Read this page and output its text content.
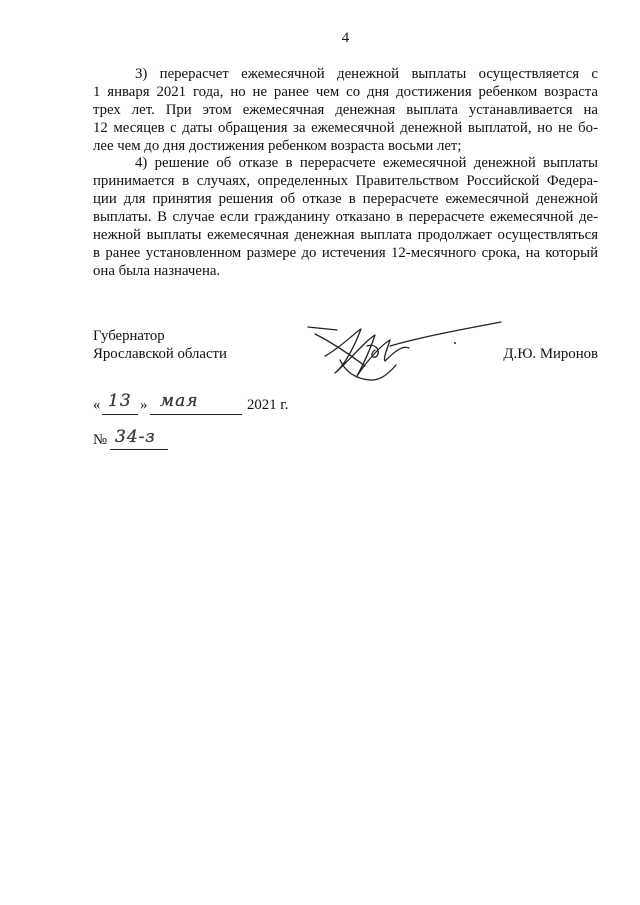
4
3) перерасчет ежемесячной денежной выплаты осуществляется с
1 января 2021 года, но не ранее чем со дня достижения ребенком возраста
трех лет. При этом ежемесячная денежная выплата устанавливается на
12 месяцев с даты обращения за ежемесячной денежной выплатой, но не бо-
лее чем до дня достижения ребенком возраста восьми лет;
4) решение об отказе в перерасчете ежемесячной денежной выплаты
принимается в случаях, определенных Правительством Российской Федера-
ции для принятия решения об отказе в перерасчете ежемесячной денежной
выплаты. В случае если гражданину отказано в перерасчете ежемесячной де-
нежной выплаты ежемесячная денежная выплата продолжает осуществляться
в ранее установленном размере до истечения 12-месячного срока, на который
она была назначена.
Губернатор
Ярославской области	Д.Ю. Миронов
« 13 » мая	2021 г.
№ 34-з
